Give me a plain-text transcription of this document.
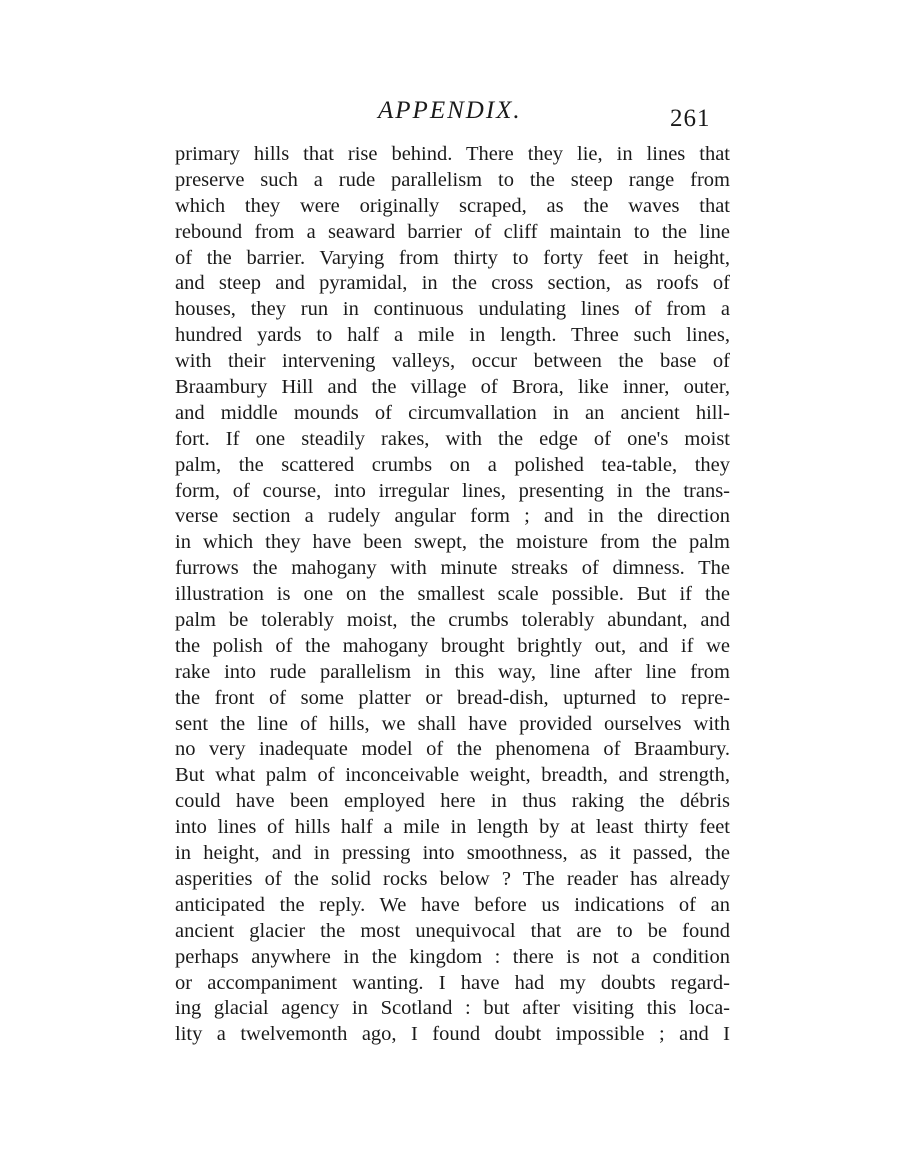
APPENDIX.	261
primary hills that rise behind. There they lie, in lines that
preserve such a rude parallelism to the steep range from
which they were originally scraped, as the waves that
rebound from a seaward barrier of cliff maintain to the line
of the barrier. Varying from thirty to forty feet in height,
and steep and pyramidal, in the cross section, as roofs of
houses, they run in continuous undulating lines of from a
hundred yards to half a mile in length. Three such lines,
with their intervening valleys, occur between the base of
Braambury Hill and the village of Brora, like inner, outer,
and middle mounds of circumvallation in an ancient hill-
fort. If one steadily rakes, with the edge of one's moist
palm, the scattered crumbs on a polished tea-table, they
form, of course, into irregular lines, presenting in the trans-
verse section a rudely angular form ; and in the direction
in which they have been swept, the moisture from the palm
furrows the mahogany with minute streaks of dimness. The
illustration is one on the smallest scale possible. But if the
palm be tolerably moist, the crumbs tolerably abundant, and
the polish of the mahogany brought brightly out, and if we
rake into rude parallelism in this way, line after line from
the front of some platter or bread-dish, upturned to repre-
sent the line of hills, we shall have provided ourselves with
no very inadequate model of the phenomena of Braambury.
But what palm of inconceivable weight, breadth, and strength,
could have been employed here in thus raking the débris
into lines of hills half a mile in length by at least thirty feet
in height, and in pressing into smoothness, as it passed, the
asperities of the solid rocks below ? The reader has already
anticipated the reply. We have before us indications of an
ancient glacier the most unequivocal that are to be found
perhaps anywhere in the kingdom : there is not a condition
or accompaniment wanting. I have had my doubts regard-
ing glacial agency in Scotland : but after visiting this loca-
lity a twelvemonth ago, I found doubt impossible ; and I
